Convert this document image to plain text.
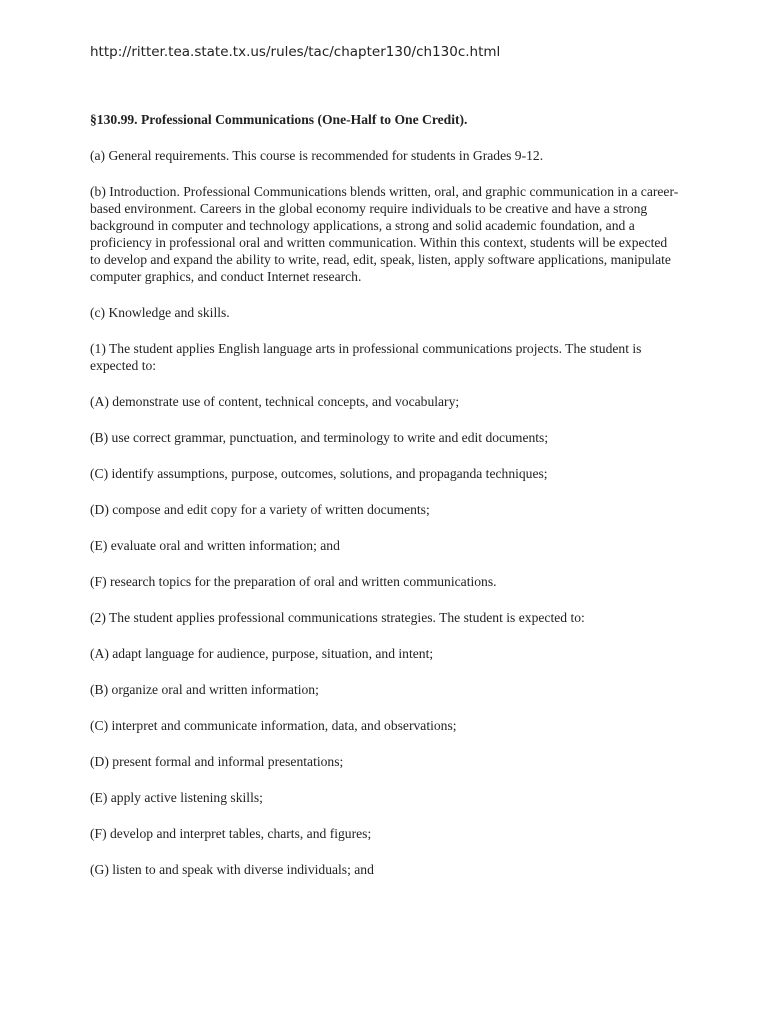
http://ritter.tea.state.tx.us/rules/tac/chapter130/ch130c.html

§130.99. Professional Communications (One-Half to One Credit).

(a) General requirements. This course is recommended for students in Grades 9-12.

(b) Introduction. Professional Communications blends written, oral, and graphic communication in a career-based environment. Careers in the global economy require individuals to be creative and have a strong background in computer and technology applications, a strong and solid academic foundation, and a proficiency in professional oral and written communication. Within this context, students will be expected to develop and expand the ability to write, read, edit, speak, listen, apply software applications, manipulate computer graphics, and conduct Internet research.

(c) Knowledge and skills.

(1) The student applies English language arts in professional communications projects. The student is expected to:

(A) demonstrate use of content, technical concepts, and vocabulary;

(B) use correct grammar, punctuation, and terminology to write and edit documents;

(C) identify assumptions, purpose, outcomes, solutions, and propaganda techniques;

(D) compose and edit copy for a variety of written documents;

(E) evaluate oral and written information; and

(F) research topics for the preparation of oral and written communications.

(2) The student applies professional communications strategies. The student is expected to:

(A) adapt language for audience, purpose, situation, and intent;

(B) organize oral and written information;

(C) interpret and communicate information, data, and observations;

(D) present formal and informal presentations;

(E) apply active listening skills;

(F) develop and interpret tables, charts, and figures;

(G) listen to and speak with diverse individuals; and
